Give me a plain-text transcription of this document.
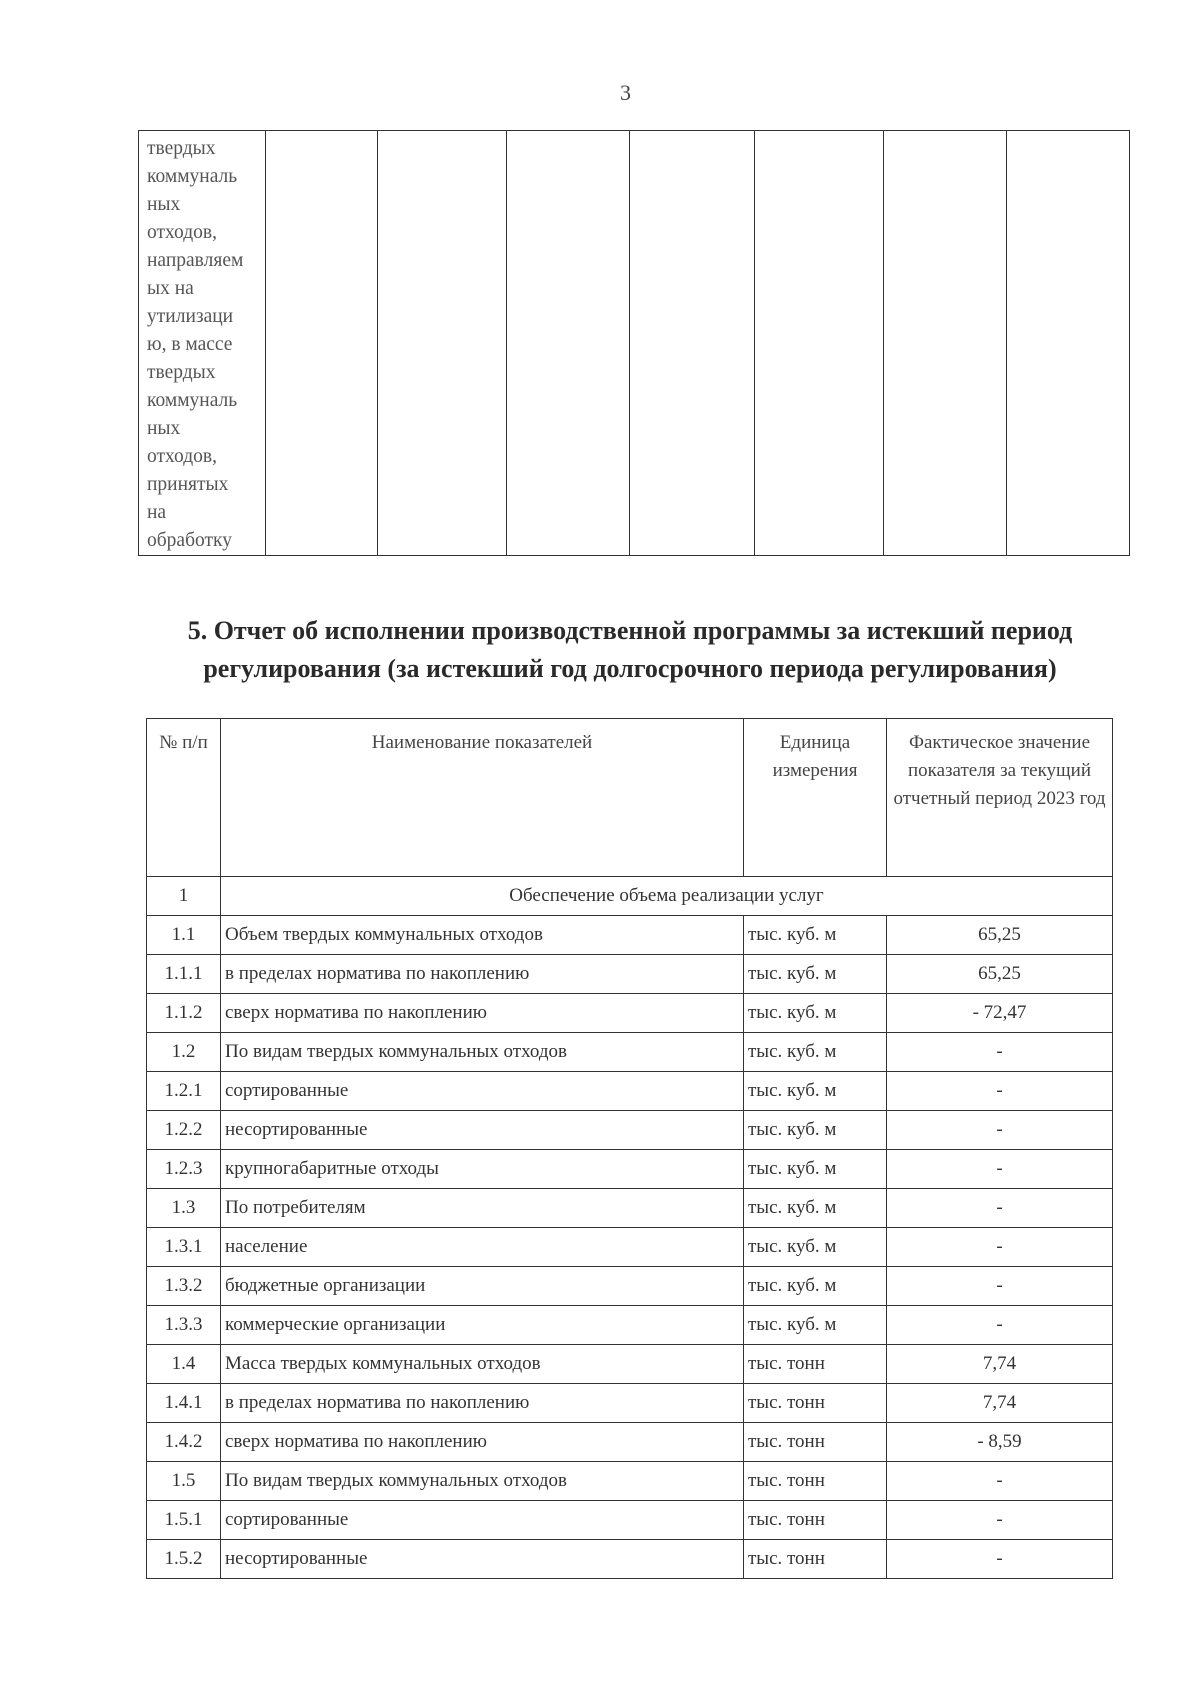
3
твердых
коммуналь
ных
отходов,
направляем
ых на
утилизаци
ю, в массе
твердых
коммуналь
ных
отходов,
принятых
на
обработку

5. Отчет об исполнении производственной программы за истекший период регулирования (за истекший год долгосрочного периода регулирования)
№ п/п	Наименование показателей	Единица измерения	Фактическое значение показателя за текущий отчетный период 2023 год
1	Обеспечение объема реализации услуг		
1.1	Объем твердых коммунальных отходов	тыс. куб. м	65,25
1.1.1	в пределах норматива по накоплению	тыс. куб. м	65,25
1.1.2	сверх норматива по накоплению	тыс. куб. м	- 72,47
1.2	По видам твердых коммунальных отходов	тыс. куб. м	-
1.2.1	сортированные	тыс. куб. м	-
1.2.2	несортированные	тыс. куб. м	-
1.2.3	крупногабаритные отходы	тыс. куб. м	-
1.3	По потребителям	тыс. куб. м	-
1.3.1	население	тыс. куб. м	-
1.3.2	бюджетные организации	тыс. куб. м	-
1.3.3	коммерческие организации	тыс. куб. м	-
1.4	Масса твердых коммунальных отходов	тыс. тонн	7,74
1.4.1	в пределах норматива по накоплению	тыс. тонн	7,74
1.4.2	сверх норматива по накоплению	тыс. тонн	- 8,59
1.5	По видам твердых коммунальных отходов	тыс. тонн	-
1.5.1	сортированные	тыс. тонн	-
1.5.2	несортированные	тыс. тонн	-
